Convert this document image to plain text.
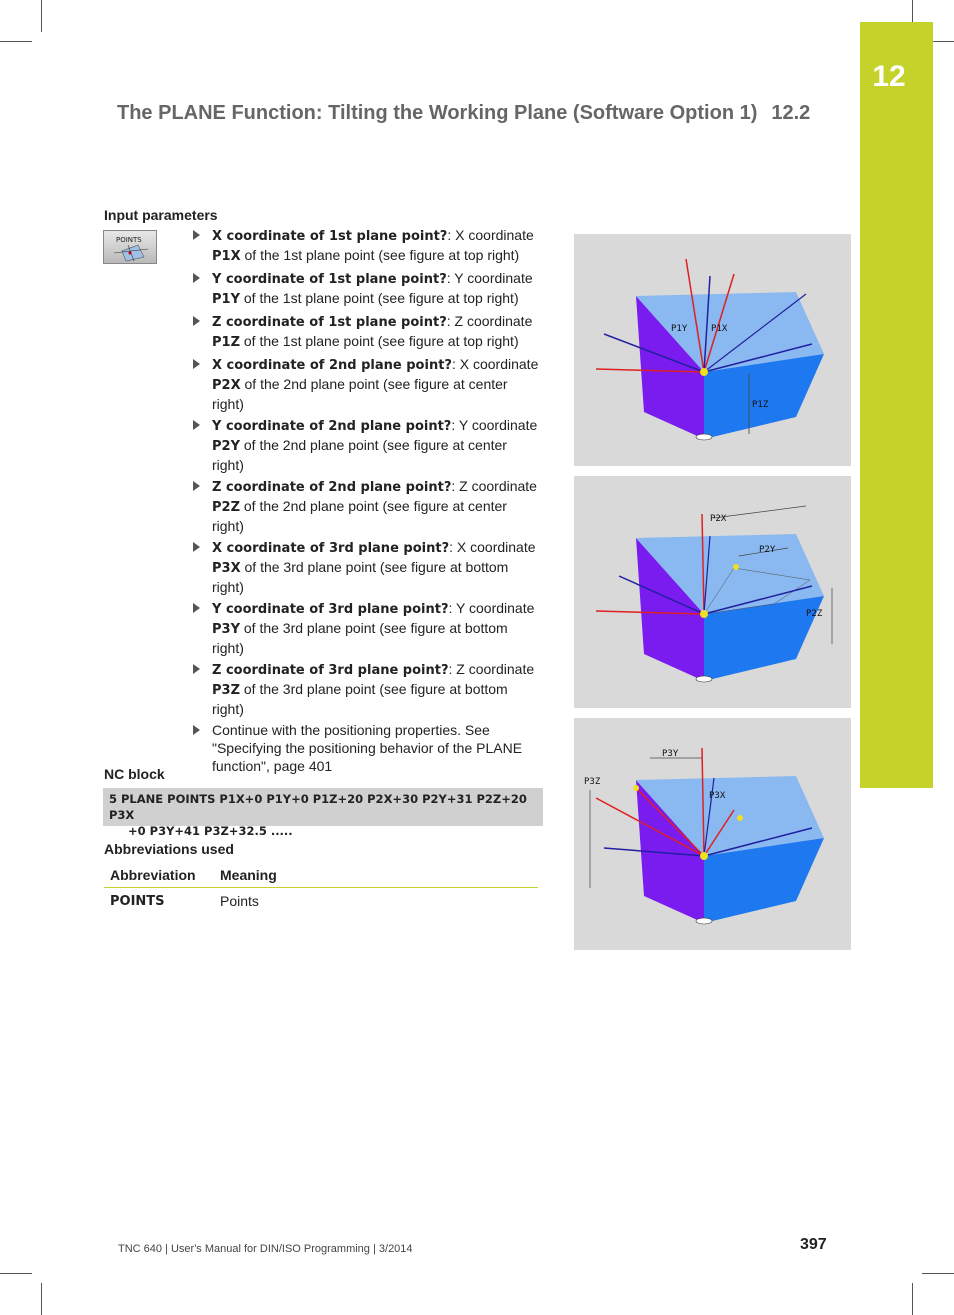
12
The PLANE Function: Tilting the Working Plane (Software Option 1) 12.2
Input parameters
POINTS	X coordinate of 1st plane point?: X coordinate
P1X of the 1st plane point (see figure at top right)
Y coordinate of 1st plane point?: Y coordinate
P1Y of the 1st plane point (see figure at top right)
Z coordinate of 1st plane point?: Z coordinate
P1Z of the 1st plane point (see figure at top right)
X coordinate of 2nd plane point?: X coordinate
P2X of the 2nd plane point (see figure at center right)
Y coordinate of 2nd plane point?: Y coordinate
P2Y of the 2nd plane point (see figure at center right)
Z coordinate of 2nd plane point?: Z coordinate
P2Z of the 2nd plane point (see figure at center right)
X coordinate of 3rd plane point?: X coordinate
P3X of the 3rd plane point (see figure at bottom right)
Y coordinate of 3rd plane point?: Y coordinate
P3Y of the 3rd plane point (see figure at bottom right)
Z coordinate of 3rd plane point?: Z coordinate
P3Z of the 3rd plane point (see figure at bottom right)
Continue with the positioning properties. See "Specifying the positioning behavior of the PLANE function", page 401
NC block
5 PLANE POINTS P1X+0 P1Y+0 P1Z+20 P2X+30 P2Y+31 P2Z+20 P3X
+0 P3Y+41 P3Z+32.5 .....
Abbreviations used
Abbreviation	Meaning
POINTS	Points
P1Y	P1X
P1Z
P2X
P2Y
P2Z
P3Y
P3Z
P3X
TNC 640 | User's Manual for DIN/ISO Programming | 3/2014	397
